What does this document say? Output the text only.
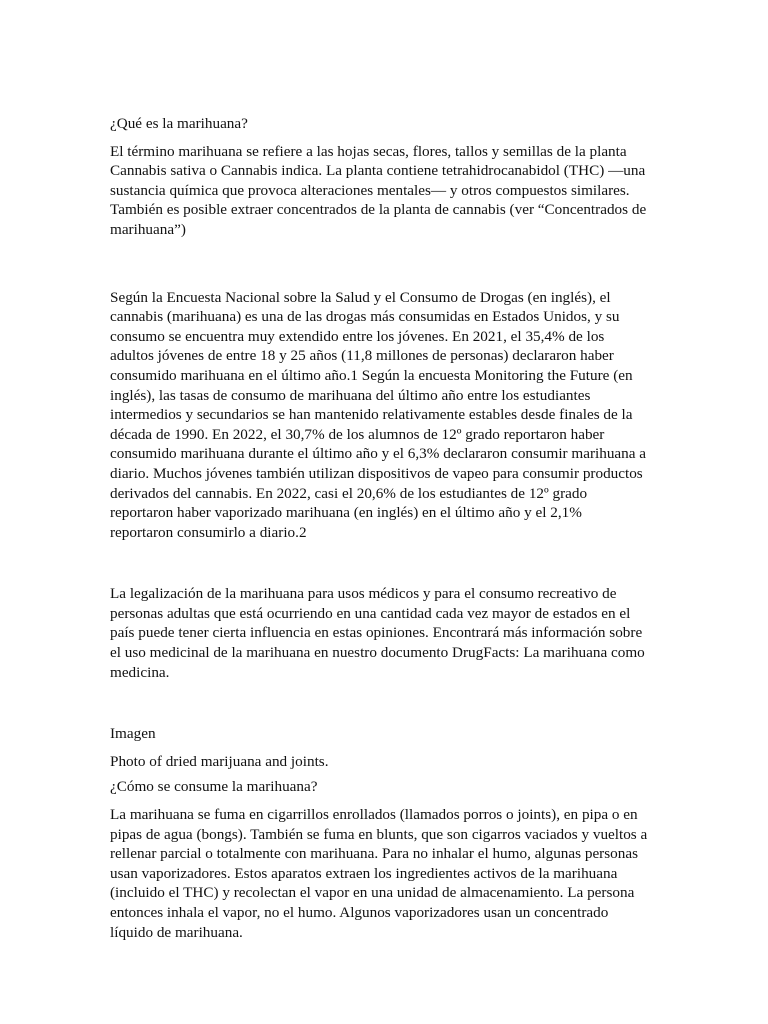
¿Qué es la marihuana?

El término marihuana se refiere a las hojas secas, flores, tallos y semillas de la planta
Cannabis sativa o Cannabis indica. La planta contiene tetrahidrocanabidol (THC) —una
sustancia química que provoca alteraciones mentales— y otros compuestos similares.
También es posible extraer concentrados de la planta de cannabis (ver “Concentrados de
marihuana”)

Según la Encuesta Nacional sobre la Salud y el Consumo de Drogas (en inglés), el
cannabis (marihuana) es una de las drogas más consumidas en Estados Unidos, y su
consumo se encuentra muy extendido entre los jóvenes. En 2021, el 35,4% de los
adultos jóvenes de entre 18 y 25 años (11,8 millones de personas) declararon haber
consumido marihuana en el último año.1 Según la encuesta Monitoring the Future (en
inglés), las tasas de consumo de marihuana del último año entre los estudiantes
intermedios y secundarios se han mantenido relativamente estables desde finales de la
década de 1990. En 2022, el 30,7% de los alumnos de 12º grado reportaron haber
consumido marihuana durante el último año y el 6,3% declararon consumir marihuana a
diario. Muchos jóvenes también utilizan dispositivos de vapeo para consumir productos
derivados del cannabis. En 2022, casi el 20,6% de los estudiantes de 12º grado
reportaron haber vaporizado marihuana (en inglés) en el último año y el 2,1%
reportaron consumirlo a diario.2

La legalización de la marihuana para usos médicos y para el consumo recreativo de
personas adultas que está ocurriendo en una cantidad cada vez mayor de estados en el
país puede tener cierta influencia en estas opiniones. Encontrará más información sobre
el uso medicinal de la marihuana en nuestro documento DrugFacts: La marihuana como
medicina.

Imagen

Photo of dried marijuana and joints.

¿Cómo se consume la marihuana?

La marihuana se fuma en cigarrillos enrollados (llamados porros o joints), en pipa o en
pipas de agua (bongs). También se fuma en blunts, que son cigarros vaciados y vueltos a
rellenar parcial o totalmente con marihuana. Para no inhalar el humo, algunas personas
usan vaporizadores. Estos aparatos extraen los ingredientes activos de la marihuana
(incluido el THC) y recolectan el vapor en una unidad de almacenamiento. La persona
entonces inhala el vapor, no el humo. Algunos vaporizadores usan un concentrado
líquido de marihuana.
